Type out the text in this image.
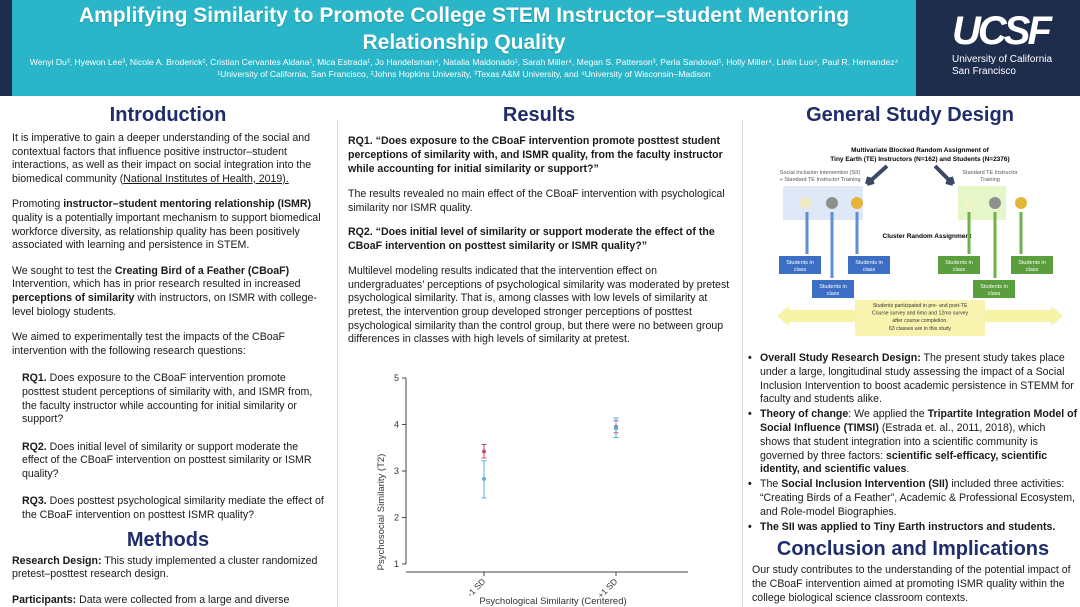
Amplifying Similarity to Promote College STEM Instructor–student Mentoring Relationship Quality
Wenyi Du³, Hyewon Lee³, Nicole A. Broderick², Cristian Cervantes Aldana¹, Mica Estrada¹, Jo Handelsman⁴, Natalia Maldonado¹, Sarah Miller⁴, Megan S. Patterson³, Perla Sandoval¹, Holly Miller⁴, Linlin Luo⁴, Paul R. Hernandez⁴
¹University of California, San Francisco, ²Johns Hopkins University, ³Texas A&M University, and ⁴University of Wisconsin–Madison
UCSF
University of California
San Francisco
Introduction

It is imperative to gain a deeper understanding of the social and contextual factors that influence positive instructor–student interactions, as well as their impact on social integration into the biomedical community (National Institutes of Health, 2019).

Promoting instructor–student mentoring relationship (ISMR) quality is a potentially important mechanism to support biomedical workforce diversity, as relationship quality has been positively associated with learning and persistence in STEM.

We sought to test the Creating Bird of a Feather (CBoaF) Intervention, which has in prior research resulted in increased perceptions of similarity with instructors, on ISMR with college-level biology students.

We aimed to experimentally test the impacts of the CBoaF intervention with the following research questions:

RQ1. Does exposure to the CBoaF intervention promote posttest student perceptions of similarity with, and ISMR from, the faculty instructor while accounting for initial similarity or support?

RQ2. Does initial level of similarity or support moderate the effect of the CBoaF intervention on posttest similarity or ISMR quality?

RQ3. Does posttest psychological similarity mediate the effect of the CBoaF intervention on posttest ISMR quality?

Methods

Research Design: This study implemented a cluster randomized pretest–posttest research design.

Participants: Data were collected from a large and diverse

Results
RQ1. “Does exposure to the CBoaF intervention promote posttest student perceptions of similarity with, and ISMR quality, from the faculty instructor while accounting for initial similarity or support?”

The results revealed no main effect of the CBoaF intervention with psychological similarity nor ISMR quality.

RQ2. “Does initial level of similarity or support moderate the effect of the CBoaF intervention on posttest similarity or ISMR quality?”

Multilevel modeling results indicated that the intervention effect on undergraduates’ perceptions of psychological similarity was moderated by pretest psychological similarity. That is, among classes with low levels of similarity at pretest, the intervention group developed stronger perceptions of posttest psychological similarity than the control group, but there were no between group differences in classes with high levels of similarity at pretest.

Psychosocial Similarity (T2)
Psychological Similarity (Centered)
1
2
3
4
5
-1 SD	+1 SD
General Study Design
Multivariate Blocked Random Assignment of
Tiny Earth (TE) Instructors (N=162) and Students (N=2376)
Social Inclusion Intervention (SII)
+ Standard TE Instructor Training
Standard TE Instructor
Training
Cluster Random Assignment
Students in
class
Students in
class
Students in
class
Students in
class
Students in
class
Students in
class
Students participated in pre- and post-TE
Course survey and 6mo and 12mo survey
after course completion.
63 classes are in this study
• Overall Study Research Design: The present study takes place under a large, longitudinal study assessing the impact of a Social Inclusion Intervention to boost academic persistence in STEMM for faculty and students alike.
• Theory of change: We applied the Tripartite Integration Model of Social Influence (TIMSI) (Estrada et. al., 2011, 2018), which shows that student integration into a scientific community is governed by three factors: scientific self-efficacy, scientific identity, and scientific values.
• The Social Inclusion Intervention (SII) included three activities: “Creating Birds of a Feather”, Academic & Professional Ecosystem, and Role-model Biographies.
• The SII was applied to Tiny Earth instructors and students.
Conclusion and Implications

Our study contributes to the understanding of the potential impact of the CBoaF intervention aimed at promoting ISMR quality within the college biological science classroom contexts.
